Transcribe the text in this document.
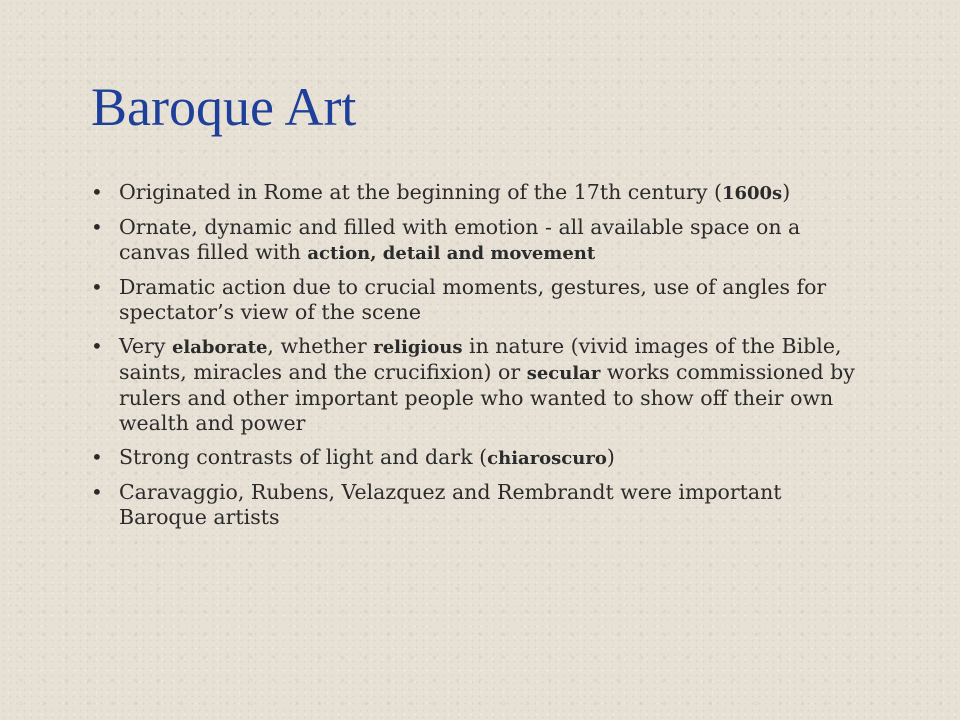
Baroque Art
• Originated in Rome at the beginning of the 17th century (1600s)
• Ornate, dynamic and filled with emotion - all available space on a canvas filled with action, detail and movement
• Dramatic action due to crucial moments, gestures, use of angles for spectator’s view of the scene
• Very elaborate, whether religious in nature (vivid images of the Bible, saints, miracles and the crucifixion) or secular works commissioned by rulers and other important people who wanted to show off their own wealth and power
• Strong contrasts of light and dark (chiaroscuro)
• Caravaggio, Rubens, Velazquez and Rembrandt were important Baroque artists
